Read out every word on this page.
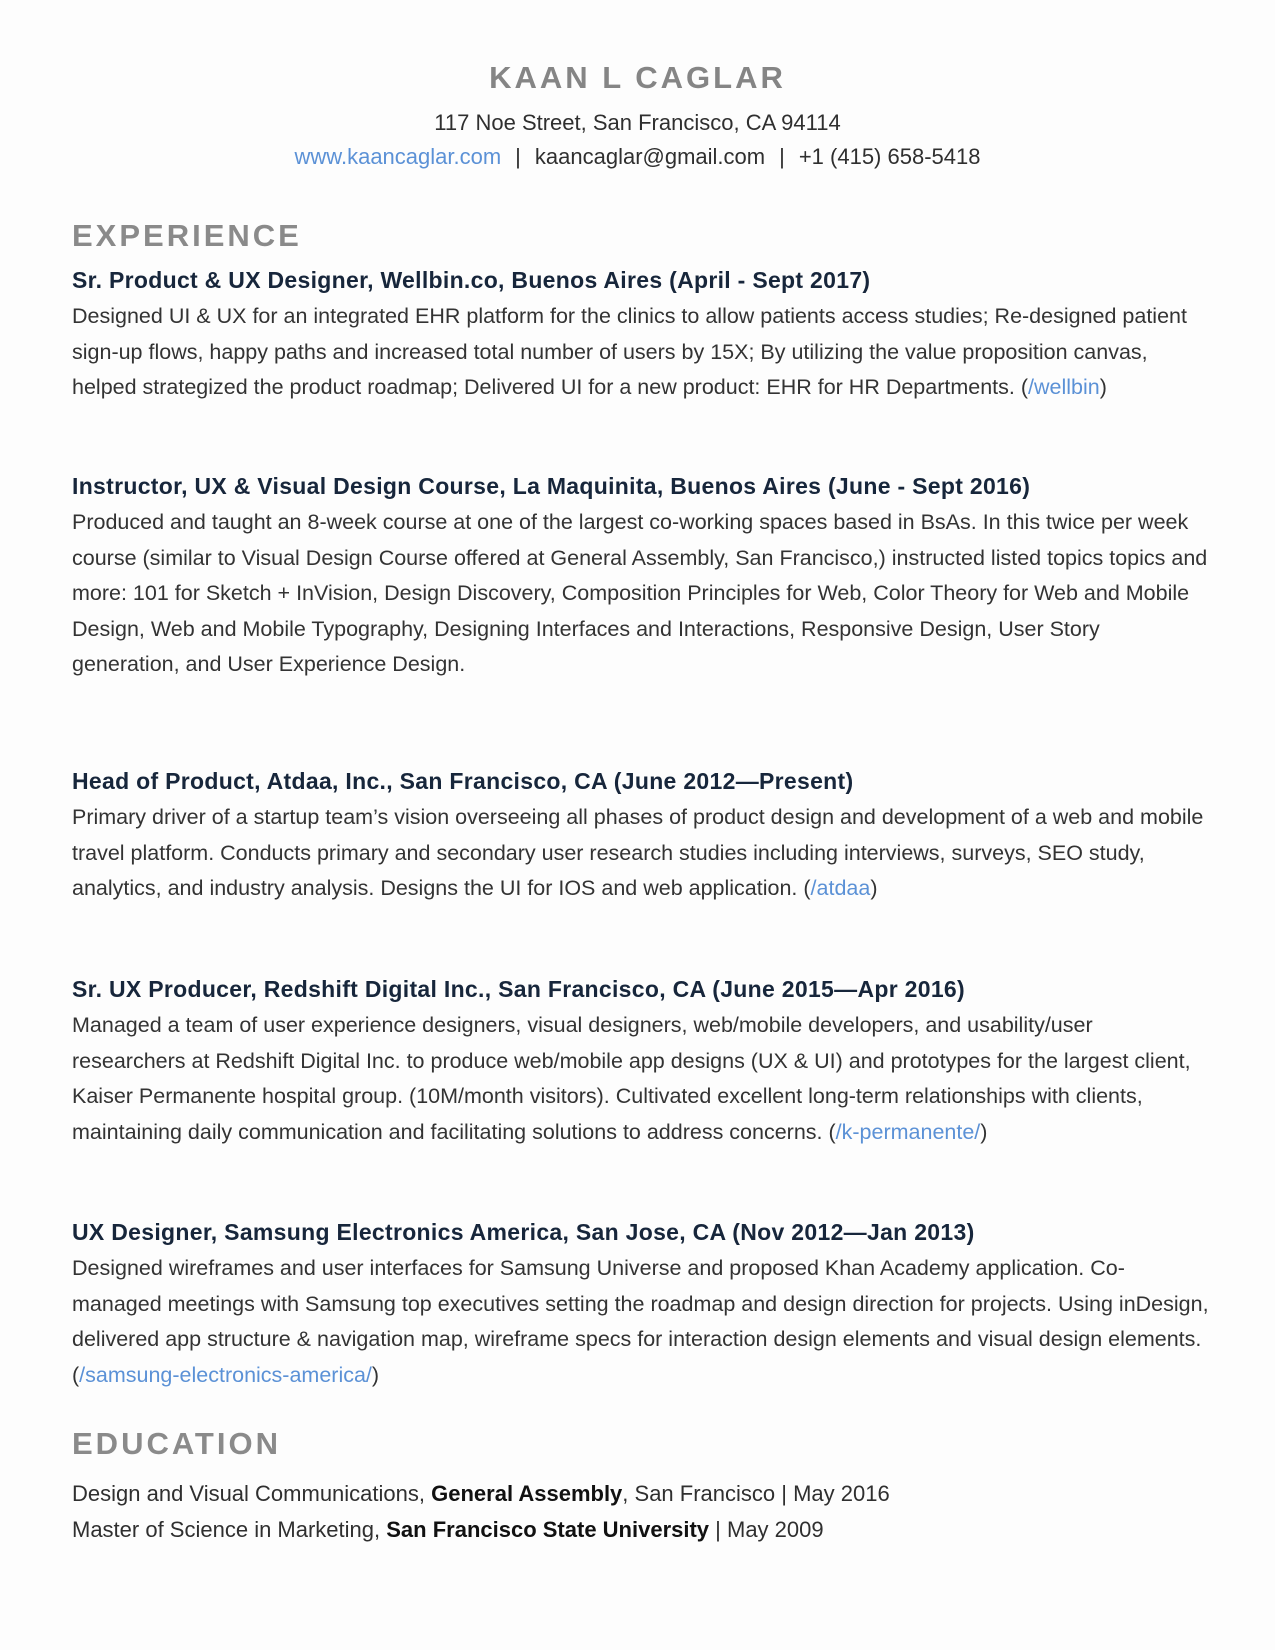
KAAN L CAGLAR
117 Noe Street, San Francisco, CA 94114
www.kaancaglar.com | kaancaglar@gmail.com | +1 (415) 658-5418
EXPERIENCE
Sr. Product & UX Designer, Wellbin.co, Buenos Aires (April - Sept 2017)

Designed UI & UX for an integrated EHR platform for the clinics to allow patients access studies; Re-designed patient sign-up flows, happy paths and increased total number of users by 15X; By utilizing the value proposition canvas, helped strategized the product roadmap; Delivered UI for a new product: EHR for HR Departments. (/wellbin)

Instructor, UX & Visual Design Course, La Maquinita, Buenos Aires (June - Sept 2016)

Produced and taught an 8-week course at one of the largest co-working spaces based in BsAs. In this twice per week course (similar to Visual Design Course offered at General Assembly, San Francisco,) instructed listed topics topics and more: 101 for Sketch + InVision, Design Discovery, Composition Principles for Web, Color Theory for Web and Mobile Design, Web and Mobile Typography, Designing Interfaces and Interactions, Responsive Design, User Story generation, and User Experience Design.

Head of Product, Atdaa, Inc., San Francisco, CA (June 2012—Present)

Primary driver of a startup team’s vision overseeing all phases of product design and development of a web and mobile travel platform. Conducts primary and secondary user research studies including interviews, surveys, SEO study, analytics, and industry analysis. Designs the UI for IOS and web application. (/atdaa)

Sr. UX Producer, Redshift Digital Inc., San Francisco, CA (June 2015—Apr 2016)

Managed a team of user experience designers, visual designers, web/mobile developers, and usability/user researchers at Redshift Digital Inc. to produce web/mobile app designs (UX & UI) and prototypes for the largest client, Kaiser Permanente hospital group. (10M/month visitors). Cultivated excellent long-term relationships with clients, maintaining daily communication and facilitating solutions to address concerns. (/k-permanente/)

UX Designer, Samsung Electronics America, San Jose, CA (Nov 2012—Jan 2013)

Designed wireframes and user interfaces for Samsung Universe and proposed Khan Academy application. Co-managed meetings with Samsung top executives setting the roadmap and design direction for projects. Using inDesign, delivered app structure & navigation map, wireframe specs for interaction design elements and visual design elements. (/samsung-electronics-america/)

EDUCATION
Design and Visual Communications, General Assembly, San Francisco | May 2016
Master of Science in Marketing, San Francisco State University | May 2009
